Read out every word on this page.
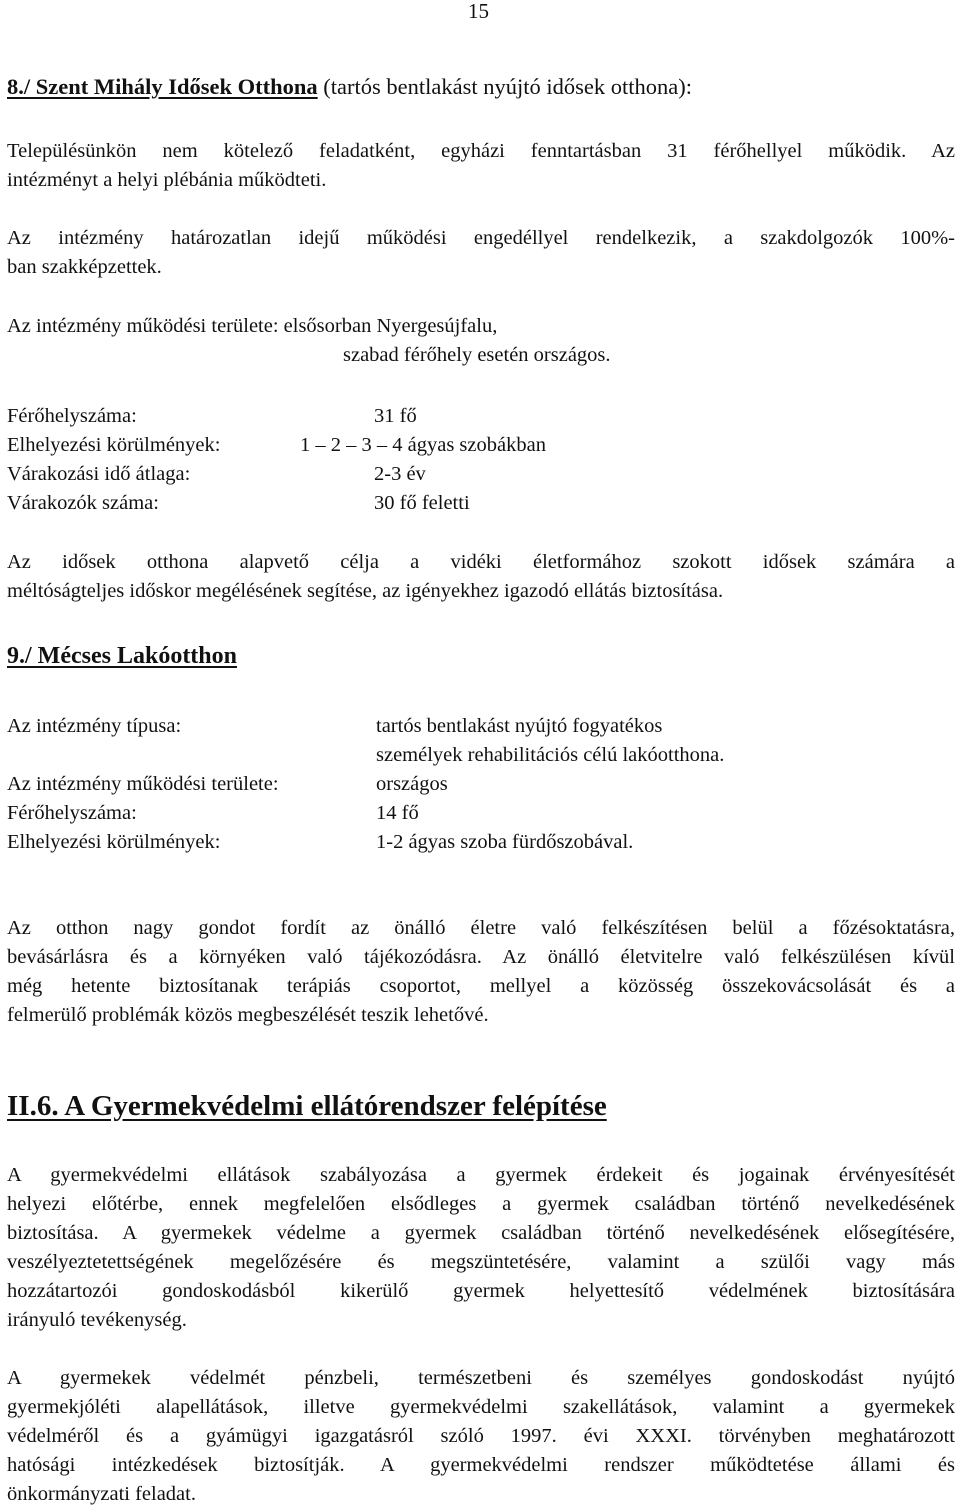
15
8./ Szent Mihály Idősek Otthona (tartós bentlakást nyújtó idősek otthona):
Településünkön nem kötelező feladatként, egyházi fenntartásban 31 férőhellyel működik. Az
intézményt a helyi plébánia működteti.
Az intézmény határozatlan idejű működési engedéllyel rendelkezik, a szakdolgozók 100%-
ban szakképzettek.
Az intézmény működési területe: elsősorban Nyergesújfalu,
szabad férőhely esetén országos.
Férőhelyszáma:	31 fő
Elhelyezési körülmények:	1 – 2 – 3 – 4 ágyas szobákban
Várakozási idő átlaga:	2-3 év
Várakozók száma:	30 fő feletti
Az idősek otthona alapvető célja a vidéki életformához szokott idősek számára a
méltóságteljes időskor megélésének segítése, az igényekhez igazodó ellátás biztosítása.
9./ Mécses Lakóotthon
Az intézmény típusa:	tartós bentlakást nyújtó fogyatékos
személyek rehabilitációs célú lakóotthona.
Az intézmény működési területe:	országos
Férőhelyszáma:	14 fő
Elhelyezési körülmények:	1-2 ágyas szoba fürdőszobával.
Az otthon nagy gondot fordít az önálló életre való felkészítésen belül a főzésoktatásra,
bevásárlásra és a környéken való tájékozódásra. Az önálló életvitelre való felkészülésen kívül
még hetente biztosítanak terápiás csoportot, mellyel a közösség összekovácsolását és a
felmerülő problémák közös megbeszélését teszik lehetővé.
II.6. A Gyermekvédelmi ellátórendszer felépítése
A gyermekvédelmi ellátások szabályozása a gyermek érdekeit és jogainak érvényesítését
helyezi előtérbe, ennek megfelelően elsődleges a gyermek családban történő nevelkedésének
biztosítása. A gyermekek védelme a gyermek családban történő nevelkedésének elősegítésére,
veszélyeztetettségének megelőzésére és megszüntetésére, valamint a szülői vagy más
hozzátartozói gondoskodásból kikerülő gyermek helyettesítő védelmének biztosítására
irányuló tevékenység.
A gyermekek védelmét pénzbeli, természetbeni és személyes gondoskodást nyújtó
gyermekjóléti alapellátások, illetve gyermekvédelmi szakellátások, valamint a gyermekek
védelméről és a gyámügyi igazgatásról szóló 1997. évi XXXI. törvényben meghatározott
hatósági intézkedések biztosítják. A gyermekvédelmi rendszer működtetése állami és
önkormányzati feladat.
